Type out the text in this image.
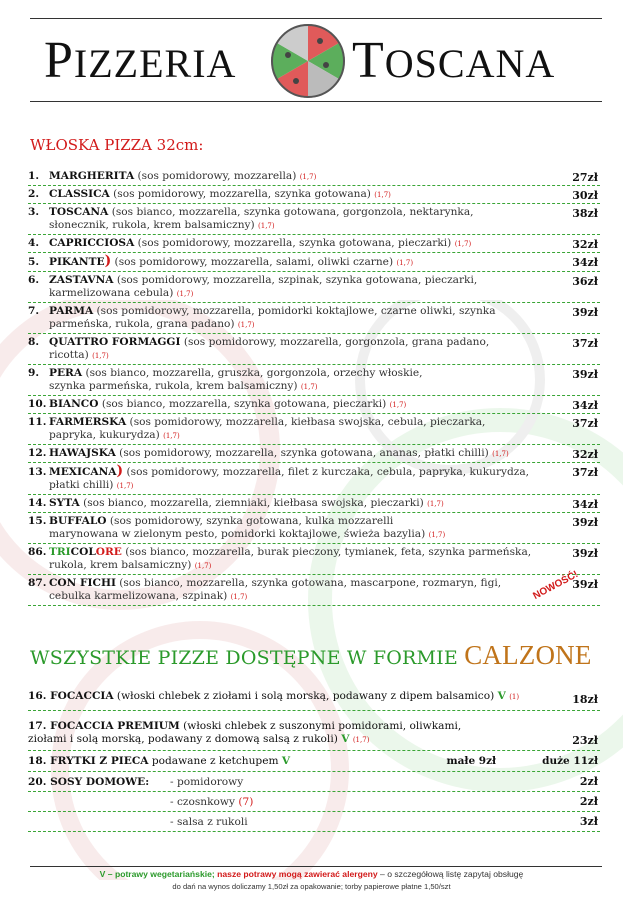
PIZZERIA TOSCANA
WŁOSKA PIZZA 32cm:
1. MARGHERITA (sos pomidorowy, mozzarella) (1,7)	27zł
2. CLASSICA (sos pomidorowy, mozzarella, szynka gotowana) (1,7)	30zł
3. TOSCANA (sos bianco, mozzarella, szynka gotowana, gorgonzola, nektarynka,
słonecznik, rukola, krem balsamiczny) (1,7)
38zł
4. CAPRICCIOSA (sos pomidorowy, mozzarella, szynka gotowana, pieczarki) (1,7)	32zł
5. PIKANTE) (sos pomidorowy, mozzarella, salami, oliwki czarne) (1,7)	34zł
6. ZASTAVNA (sos pomidorowy, mozzarella, szpinak, szynka gotowana, pieczarki,
karmelizowana cebula) (1,7)
36zł
7. PARMA (sos pomidorowy, mozzarella, pomidorki koktajlowe, czarne oliwki, szynka
parmeńska, rukola, grana padano) (1,7)
39zł
8. QUATTRO FORMAGGI (sos pomidorowy, mozzarella, gorgonzola, grana padano,
ricotta) (1,7)
37zł
9. PERA (sos bianco, mozzarella, gruszka, gorgonzola, orzechy włoskie,
szynka parmeńska, rukola, krem balsamiczny) (1,7)
39zł
10. BIANCO (sos bianco, mozzarella, szynka gotowana, pieczarki) (1,7)	34zł
11. FARMERSKA (sos pomidorowy, mozzarella, kiełbasa swojska, cebula, pieczarka,
papryka, kukurydza) (1,7)
37zł
12. HAWAJSKA (sos pomidorowy, mozzarella, szynka gotowana, ananas, płatki chilli) (1,7)	32zł
13. MEXICANA) (sos pomidorowy, mozzarella, filet z kurczaka, cebula, papryka, kukurydza,
płatki chilli) (1,7)
37zł
14. SYTA (sos bianco, mozzarella, ziemniaki, kiełbasa swojska, pieczarki) (1,7)	34zł
15. BUFFALO (sos pomidorowy, szynka gotowana, kulka mozzarelli
marynowana w zielonym pesto, pomidorki koktajlowe, świeża bazylia) (1,7)
39zł
86. TRICOLORE (sos bianco, mozzarella, burak pieczony, tymianek, feta, szynka parmeńska,
rukola, krem balsamiczny) (1,7)
39zł
87. CON FICHI (sos bianco, mozzarella, szynka gotowana, mascarpone, rozmaryn, figi,
cebulka karmelizowana, szpinak) (1,7)
39zł
NOWOŚĆ!
WSZYSTKIE PIZZE DOSTĘPNE W FORMIE CALZONE
16. FOCACCIA (włoski chlebek z ziołami i solą morską, podawany z dipem balsamico) V (1)	18zł
17. FOCACCIA PREMIUM (włoski chlebek z suszonymi pomidorami, oliwkami,
ziołami i solą morską, podawany z domową salsą z rukoli) V (1,7)	23zł
18. FRYTKI Z PIECA podawane z ketchupem V	małe 9zł	duże 11zł
20. SOSY DOMOWE: - pomidorowy	2zł
- czosnkowy (7)	2zł
- salsa z rukoli	3zł
V – potrawy wegetariańskie; nasze potrawy mogą zawierać alergeny – o szczegółową listę zapytaj obsługę
do dań na wynos doliczamy 1,50zł za opakowanie; torby papierowe płatne 1,50/szt
